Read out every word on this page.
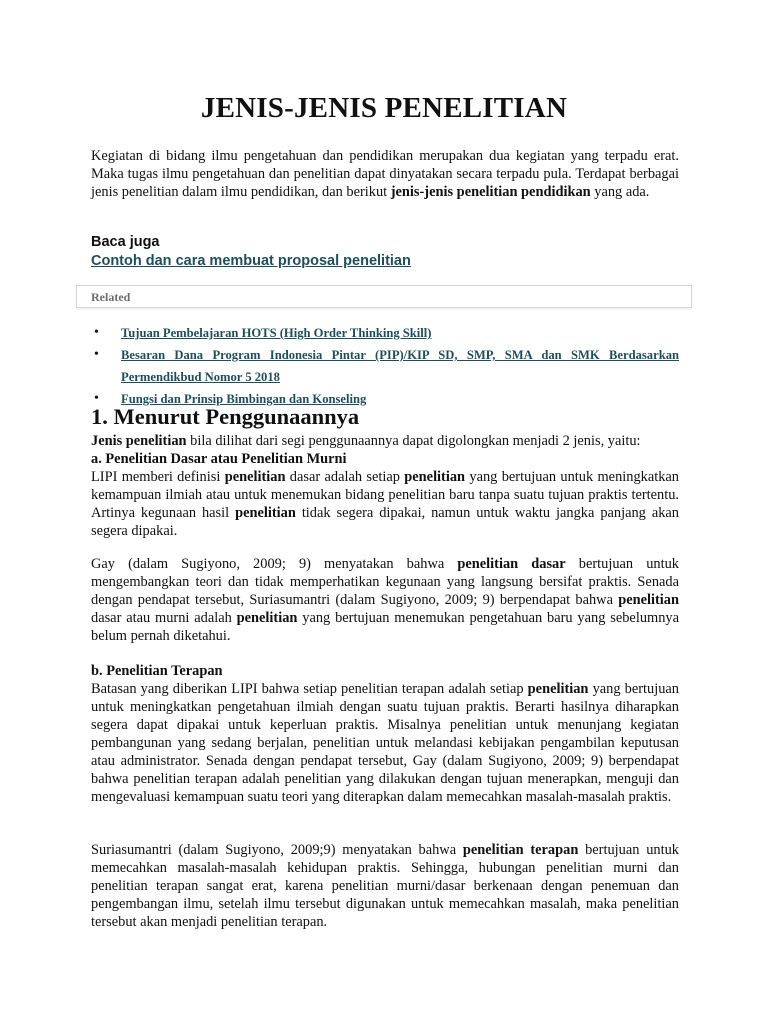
JENIS-JENIS PENELITIAN

Kegiatan di bidang ilmu pengetahuan dan pendidikan merupakan dua kegiatan yang terpadu erat. Maka tugas ilmu pengetahuan dan penelitian dapat dinyatakan secara terpadu pula. Terdapat berbagai jenis penelitian dalam ilmu pendidikan, dan berikut jenis-jenis penelitian pendidikan yang ada.

Baca juga
Contoh dan cara membuat proposal penelitian
Related
• Tujuan Pembelajaran HOTS (High Order Thinking Skill)
• Besaran Dana Program Indonesia Pintar (PIP)/KIP SD, SMP, SMA dan SMK Berdasarkan Permendikbud Nomor 5 2018
• Fungsi dan Prinsip Bimbingan dan Konseling
1. Menurut Penggunaannya

Jenis penelitian bila dilihat dari segi penggunaannya dapat digolongkan menjadi 2 jenis, yaitu:

a. Penelitian Dasar atau Penelitian Murni

LIPI memberi definisi penelitian dasar adalah setiap penelitian yang bertujuan untuk meningkatkan kemampuan ilmiah atau untuk menemukan bidang penelitian baru tanpa suatu tujuan praktis tertentu. Artinya kegunaan hasil penelitian tidak segera dipakai, namun untuk waktu jangka panjang akan segera dipakai.

Gay (dalam Sugiyono, 2009; 9) menyatakan bahwa penelitian dasar bertujuan untuk mengembangkan teori dan tidak memperhatikan kegunaan yang langsung bersifat praktis. Senada dengan pendapat tersebut, Suriasumantri (dalam Sugiyono, 2009; 9) berpendapat bahwa penelitian dasar atau murni adalah penelitian yang bertujuan menemukan pengetahuan baru yang sebelumnya belum pernah diketahui.

b. Penelitian Terapan

Batasan yang diberikan LIPI bahwa setiap penelitian terapan adalah setiap penelitian yang bertujuan untuk meningkatkan pengetahuan ilmiah dengan suatu tujuan praktis. Berarti hasilnya diharapkan segera dapat dipakai untuk keperluan praktis. Misalnya penelitian untuk menunjang kegiatan pembangunan yang sedang berjalan, penelitian untuk melandasi kebijakan pengambilan keputusan atau administrator. Senada dengan pendapat tersebut, Gay (dalam Sugiyono, 2009; 9) berpendapat bahwa penelitian terapan adalah penelitian yang dilakukan dengan tujuan menerapkan, menguji dan mengevaluasi kemampuan suatu teori yang diterapkan dalam memecahkan masalah-masalah praktis.

Suriasumantri (dalam Sugiyono, 2009;9) menyatakan bahwa penelitian terapan bertujuan untuk memecahkan masalah-masalah kehidupan praktis. Sehingga, hubungan penelitian murni dan penelitian terapan sangat erat, karena penelitian murni/dasar berkenaan dengan penemuan dan pengembangan ilmu, setelah ilmu tersebut digunakan untuk memecahkan masalah, maka penelitian tersebut akan menjadi penelitian terapan.
